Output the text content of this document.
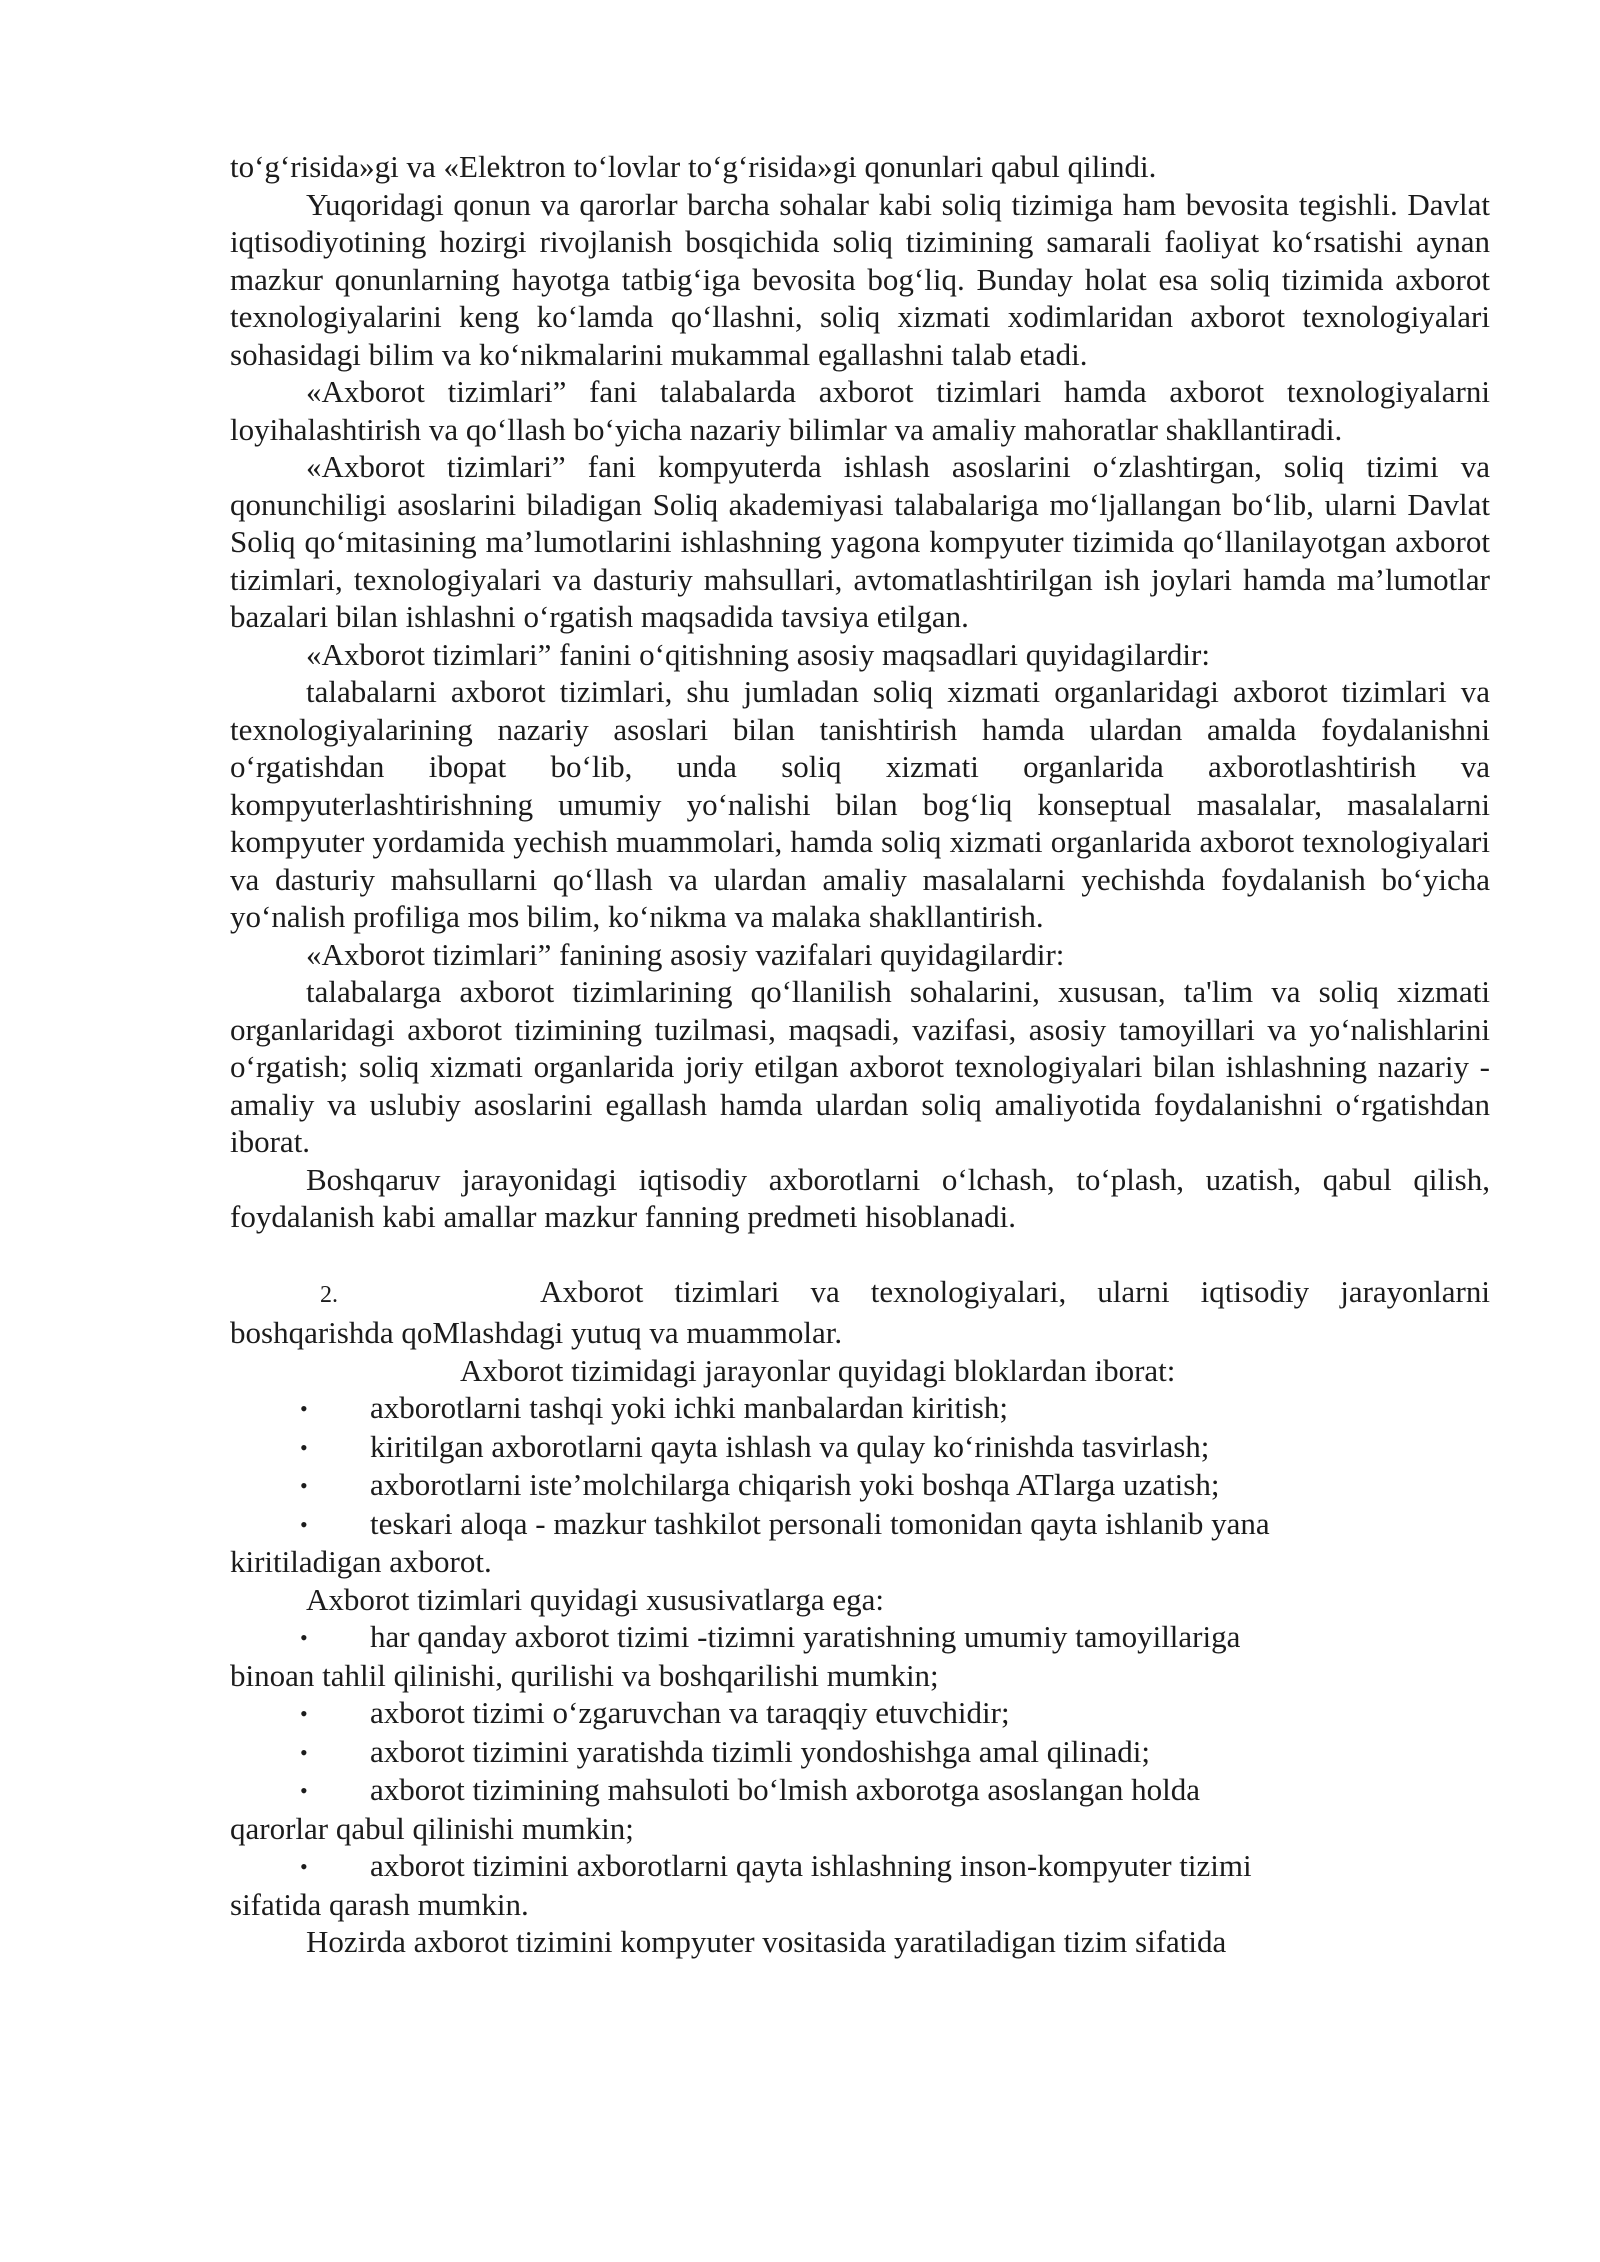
to‘g‘risida»gi va «Elektron to‘lovlar to‘g‘risida»gi qonunlari qabul qilindi.

Yuqoridagi qonun va qarorlar barcha sohalar kabi soliq tizimiga ham bevosita tegishli. Davlat iqtisodiyotining hozirgi rivojlanish bosqichida soliq tizimining samarali faoliyat ko‘rsatishi aynan mazkur qonunlarning hayotga tatbig‘iga bevosita bog‘liq. Bunday holat esa soliq tizimida axborot texnologiyalarini keng ko‘lamda qo‘llashni, soliq xizmati xodimlaridan axborot texnologiyalari sohasidagi bilim va ko‘nikmalarini mukammal egallashni talab etadi.

«Axborot tizimlari” fani talabalarda axborot tizimlari hamda axborot texnologiyalarni loyihalashtirish va qo‘llash bo‘yicha nazariy bilimlar va amaliy mahoratlar shakllantiradi.

«Axborot tizimlari” fani kompyuterda ishlash asoslarini o‘zlashtirgan, soliq tizimi va qonunchiligi asoslarini biladigan Soliq akademiyasi talabalariga mo‘ljallangan bo‘lib, ularni Davlat Soliq qo‘mitasining ma’lumotlarini ishlashning yagona kompyuter tizimida qo‘llanilayotgan axborot tizimlari, texnologiyalari va dasturiy mahsullari, avtomatlashtirilgan ish joylari hamda ma’lumotlar bazalari bilan ishlashni o‘rgatish maqsadida tavsiya etilgan.

«Axborot tizimlari” fanini o‘qitishning asosiy maqsadlari quyidagilardir:

talabalarni axborot tizimlari, shu jumladan soliq xizmati organlaridagi axborot tizimlari va texnologiyalarining nazariy asoslari bilan tanishtirish hamda ulardan amalda foydalanishni o‘rgatishdan ibopat bo‘lib, unda soliq xizmati organlarida axborotlashtirish va kompyuterlashtirishning umumiy yo‘nalishi bilan bog‘liq konseptual masalalar, masalalarni kompyuter yordamida yechish muammolari, hamda soliq xizmati organlarida axborot texnologiyalari va dasturiy mahsullarni qo‘llash va ulardan amaliy masalalarni yechishda foydalanish bo‘yicha yo‘nalish profiliga mos bilim, ko‘nikma va malaka shakllantirish.

«Axborot tizimlari” fanining asosiy vazifalari quyidagilardir:

talabalarga axborot tizimlarining qo‘llanilish sohalarini, xususan, ta'lim va soliq xizmati organlaridagi axborot tizimining tuzilmasi, maqsadi, vazifasi, asosiy tamoyillari va yo‘nalishlarini o‘rgatish; soliq xizmati organlarida joriy etilgan axborot texnologiyalari bilan ishlashning nazariy - amaliy va uslubiy asoslarini egallash hamda ulardan soliq amaliyotida foydalanishni o‘rgatishdan iborat.

Boshqaruv jarayonidagi iqtisodiy axborotlarni o‘lchash, to‘plash, uzatish, qabul qilish, foydalanish kabi amallar mazkur fanning predmeti hisoblanadi.

2.	Axborot tizimlari va texnologiyalari, ularni iqtisodiy jarayonlarni boshqarishda qoMlashdagi yutuq va muammolar.

Axborot tizimidagi jarayonlar quyidagi bloklardan iborat:

• axborotlarni tashqi yoki ichki manbalardan kiritish;

• kiritilgan axborotlarni qayta ishlash va qulay ko‘rinishda tasvirlash;

• axborotlarni iste’molchilarga chiqarish yoki boshqa ATlarga uzatish;

• teskari aloqa - mazkur tashkilot personali tomonidan qayta ishlanib yana

kiritiladigan axborot.

Axborot tizimlari quyidagi xususivatlarga ega:

• har qanday axborot tizimi -tizimni yaratishning umumiy tamoyillariga

binoan tahlil qilinishi, qurilishi va boshqarilishi mumkin;

• axborot tizimi o‘zgaruvchan va taraqqiy etuvchidir;

• axborot tizimini yaratishda tizimli yondoshishga amal qilinadi;

• axborot tizimining mahsuloti bo‘lmish axborotga asoslangan holda

qarorlar qabul qilinishi mumkin;

• axborot tizimini axborotlarni qayta ishlashning inson-kompyuter tizimi

sifatida qarash mumkin.

Hozirda axborot tizimini kompyuter vositasida yaratiladigan tizim sifatida
